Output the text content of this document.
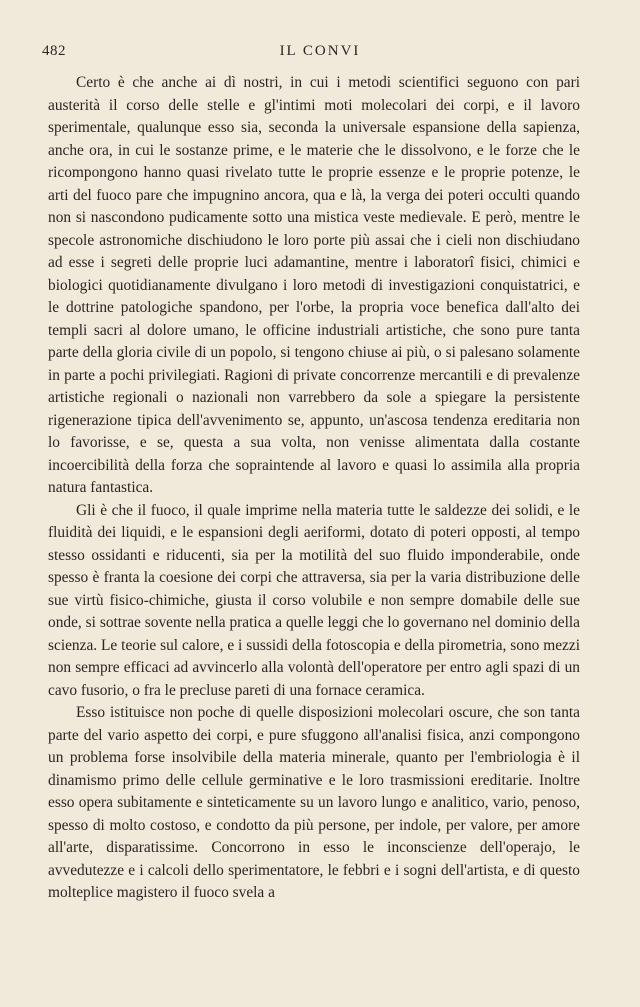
482	IL CONVI

Certo è che anche ai dì nostri, in cui i metodi scientifici seguono con pari austerità il corso delle stelle e gl'intimi moti molecolari dei corpi, e il lavoro sperimentale, qualunque esso sia, seconda la universale espansione della sapienza, anche ora, in cui le sostanze prime, e le materie che le dissolvono, e le forze che le ricompongono hanno quasi rivelato tutte le proprie essenze e le proprie potenze, le arti del fuoco pare che impugnino ancora, qua e là, la verga dei poteri occulti quando non si nascondono pudicamente sotto una mistica veste medievale. E però, mentre le specole astronomiche dischiudono le loro porte più assai che i cieli non dischiudano ad esse i segreti delle proprie luci adamantine, mentre i laboratorî fisici, chimici e biologici quotidianamente divulgano i loro metodi di investigazioni conquistatrici, e le dottrine patologiche spandono, per l'orbe, la propria voce benefica dall'alto dei templi sacri al dolore umano, le officine industriali artistiche, che sono pure tanta parte della gloria civile di un popolo, si tengono chiuse ai più, o si palesano solamente in parte a pochi privilegiati. Ragioni di private concorrenze mercantili e di prevalenze artistiche regionali o nazionali non varrebbero da sole a spiegare la persistente rigenerazione tipica dell'avvenimento se, appunto, un'ascosa tendenza ereditaria non lo favorisse, e se, questa a sua volta, non venisse alimentata dalla costante incoercibilità della forza che sopraintende al lavoro e quasi lo assimila alla propria natura fantastica.

Gli è che il fuoco, il quale imprime nella materia tutte le saldezze dei solidi, e le fluidità dei liquidi, e le espansioni degli aeriformi, dotato di poteri opposti, al tempo stesso ossidanti e riducenti, sia per la motilità del suo fluido imponderabile, onde spesso è franta la coesione dei corpi che attraversa, sia per la varia distribuzione delle sue virtù fisico-chimiche, giusta il corso volubile e non sempre domabile delle sue onde, si sottrae sovente nella pratica a quelle leggi che lo governano nel dominio della scienza. Le teorie sul calore, e i sussidi della fotoscopia e della pirometria, sono mezzi non sempre efficaci ad avvincerlo alla volontà dell'operatore per entro agli spazi di un cavo fusorio, o fra le precluse pareti di una fornace ceramica.

Esso istituisce non poche di quelle disposizioni molecolari oscure, che son tanta parte del vario aspetto dei corpi, e pure sfuggono all'analisi fisica, anzi compongono un problema forse insolvibile della materia minerale, quanto per l'embriologia è il dinamismo primo delle cellule germinative e le loro trasmissioni ereditarie. Inoltre esso opera subitamente e sinteticamente su un lavoro lungo e analitico, vario, penoso, spesso di molto costoso, e condotto da più persone, per indole, per valore, per amore all'arte, disparatissime. Concorrono in esso le inconscienze dell'operajo, le avvedutezze e i calcoli dello sperimentatore, le febbri e i sogni dell'artista, e di questo molteplice magistero il fuoco svela a
